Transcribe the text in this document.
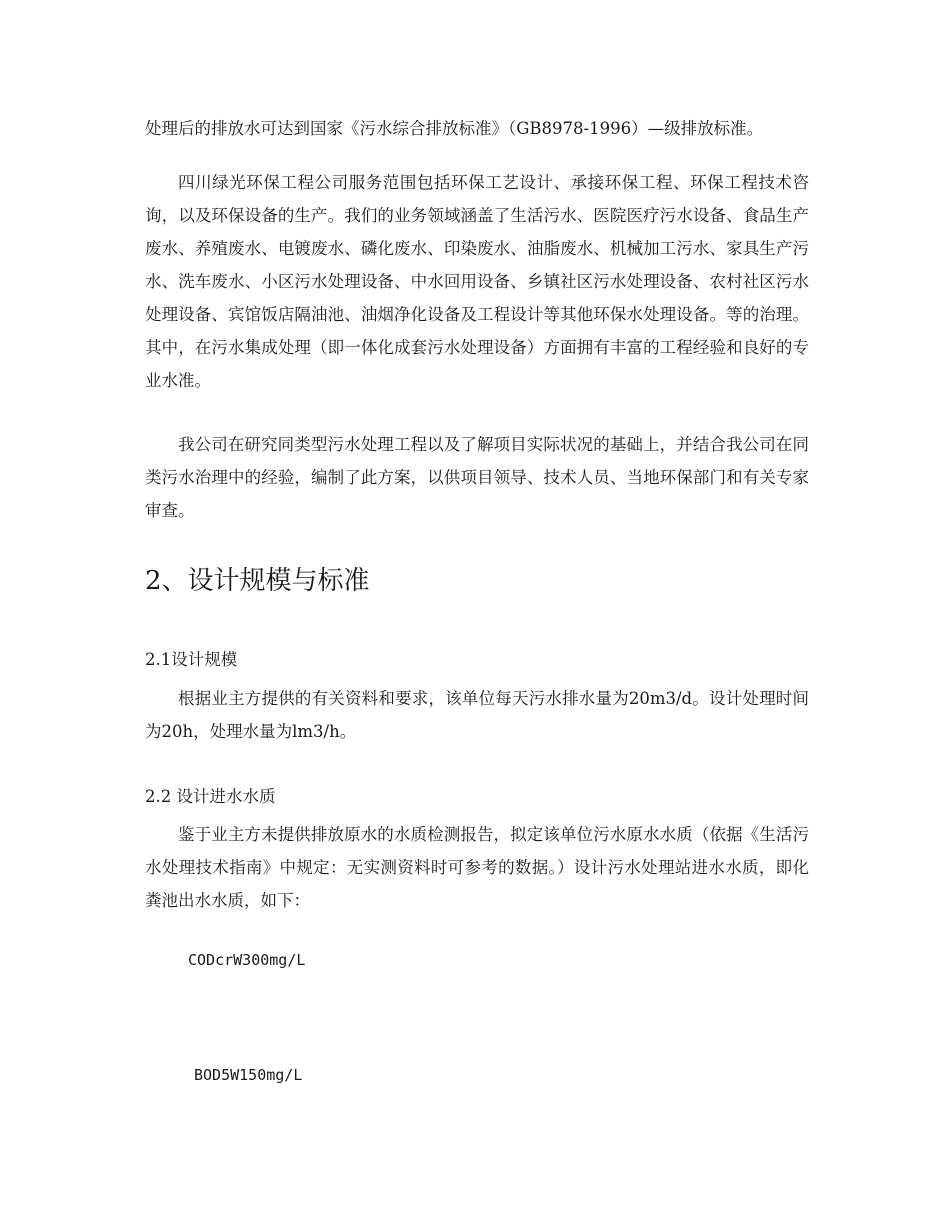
处理后的排放水可达到国家《污水综合排放标准》（GB8978-1996）—级排放标准。

四川绿光环保工程公司服务范围包括环保工艺设计、承接环保工程、环保工程技术咨询，以及环保设备的生产。我们的业务领域涵盖了生活污水、医院医疗污水设备、食品生产废水、养殖废水、电镀废水、磷化废水、印染废水、油脂废水、机械加工污水、家具生产污水、洗车废水、小区污水处理设备、中水回用设备、乡镇社区污水处理设备、农村社区污水处理设备、宾馆饭店隔油池、油烟净化设备及工程设计等其他环保水处理设备。等的治理。其中，在污水集成处理（即一体化成套污水处理设备）方面拥有丰富的工程经验和良好的专业水准。

我公司在研究同类型污水处理工程以及了解项目实际状况的基础上，并结合我公司在同类污水治理中的经验，编制了此方案，以供项目领导、技术人员、当地环保部门和有关专家审查。

2、设计规模与标准
2.1设计规模

根据业主方提供的有关资料和要求，该单位每天污水排水量为20m3/d。设计处理时间为20h，处理水量为lm3/h。

2.2 设计进水水质

鉴于业主方未提供排放原水的水质检测报告，拟定该单位污水原水水质（依据《生活污水处理技术指南》中规定：无实测资料时可参考的数据。）设计污水处理站进水水质，即化粪池出水水质，如下：

COD​crW300mg/L

BOD5W150mg/L
